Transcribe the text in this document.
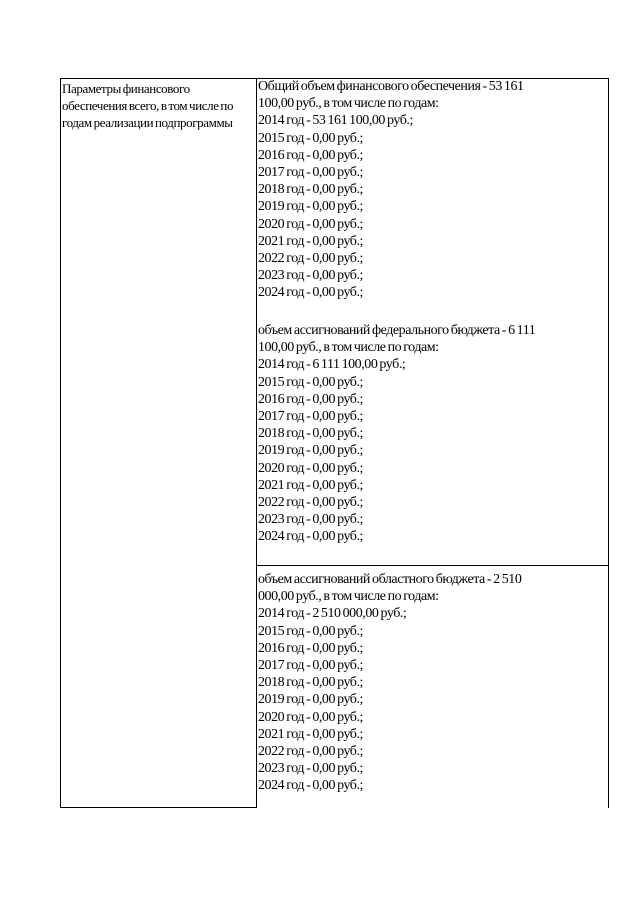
Параметры финансового обеспечения всего, в том числе по годам реализации подпрограммы
Общий объем финансового обеспечения - 53 161
100,00 руб., в том числе по годам:
2014 год - 53 161 100,00 руб.;
2015 год - 0,00 руб.;
2016 год - 0,00 руб.;
2017 год - 0,00 руб.;
2018 год - 0,00 руб.;
2019 год - 0,00 руб.;
2020 год - 0,00 руб.;
2021 год - 0,00 руб.;
2022 год - 0,00 руб.;
2023 год - 0,00 руб.;
2024 год - 0,00 руб.;
объем ассигнований федерального бюджета - 6 111
100,00 руб., в том числе по годам:
2014 год - 6 111 100,00 руб.;
2015 год - 0,00 руб.;
2016 год - 0,00 руб.;
2017 год - 0,00 руб.;
2018 год - 0,00 руб.;
2019 год - 0,00 руб.;
2020 год - 0,00 руб.;
2021 год - 0,00 руб.;
2022 год - 0,00 руб.;
2023 год - 0,00 руб.;
2024 год - 0,00 руб.;
объем ассигнований областного бюджета - 2 510
000,00 руб., в том числе по годам:
2014 год - 2 510 000,00 руб.;
2015 год - 0,00 руб.;
2016 год - 0,00 руб.;
2017 год - 0,00 руб.;
2018 год - 0,00 руб.;
2019 год - 0,00 руб.;
2020 год - 0,00 руб.;
2021 год - 0,00 руб.;
2022 год - 0,00 руб.;
2023 год - 0,00 руб.;
2024 год - 0,00 руб.;
